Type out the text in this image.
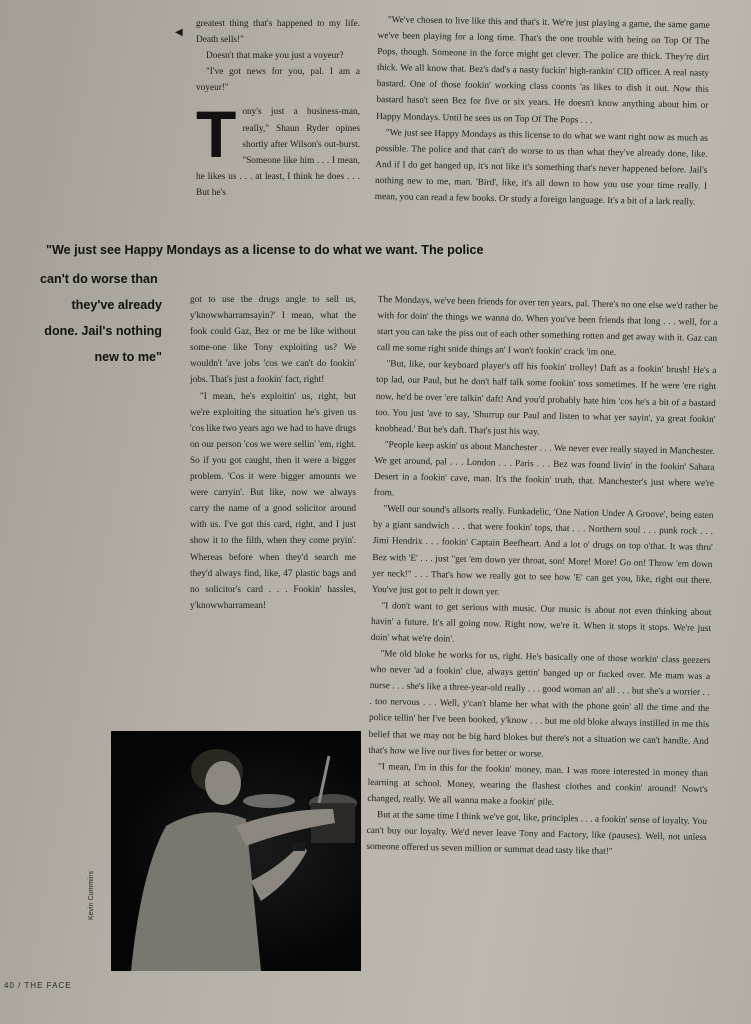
◀

greatest thing that's happened to my life. Death sells!"

Doesn't that make you just a voyeur?

"I've got news for you, pal. I am a voyeur!"

Tony's just a business-man, really," Shaun Ryder opines shortly after Wilson's out-burst. "Someone like him . . . I mean, he likes us . . . at least, I think he does . . . But he's

"We've chosen to live like this and that's it. We're just playing a game, the same game we've been playing for a long time. That's the one trouble with being on Top Of The Pops, though. Someone in the force might get clever. The police are thick. They're dirt thick. We all know that. Bez's dad's a nasty fuckin' high-rankin' CID officer. A real nasty bastard. One of those fookin' working class coonts 'as likes to dish it out. Now this bastard hasn't seen Bez for five or six years. He doesn't know anything about him or Happy Mondays. Until he sees us on Top Of The Pops . . .

"We just see Happy Mondays as this license to do what we want right now as much as possible. The police and that can't do worse to us than what they've already done, like. And if I do get banged up, it's not like it's something that's never happened before. Jail's nothing new to me, man. 'Bird', like, it's all down to how you use your time really. I mean, you can read a few books. Or study a foreign language. It's a bit of a lark really.

"We just see Happy Mondays as a license to do what we want. The police
can't do worse than
they've already
done. Jail's nothing
new to me"

got to use the drugs angle to sell us, y'knowwharramsayin?' I mean, what the fook could Gaz, Bez or me be like without some-one like Tony exploiting us? We wouldn't 'ave jobs 'cos we can't do fookin' jobs. That's just a fookin' fact, right!

"I mean, he's exploitin' us, right, but we're exploiting the situation he's given us 'cos like two years ago we had to have drugs on our person 'cos we were sellin' 'em, right. So if you got caught, then it were a bigger problem. 'Cos it were bigger amounts we were carryin'. But like, now we always carry the name of a good solicitor around with us. I've got this card, right, and I just show it to the filth, when they come pryin'. Whereas before when they'd search me they'd always find, like, 47 plastic bags and no solicitor's card . . . Fookin' hassles, y'knowwharramean!

The Mondays, we've been friends for over ten years, pal. There's no one else we'd rather be with for doin' the things we wanna do. When you've been friends that long . . . well, for a start you can take the piss out of each other something rotten and get away with it. Gaz can call me some right snide things an' I won't fookin' crack 'im one.

"But, like, our keyboard player's off his fookin' trolley! Daft as a fookin' brush! He's a top lad, our Paul, but he don't half talk some fookin' toss sometimes. If he were 'ere right now, he'd be over 'ere talkin' daft! And you'd probably hate him 'cos he's a bit of a bastard too. You just 'ave to say, 'Shurrup our Paul and listen to what yer sayin', ya great fookin' knobhead.' But he's daft. That's just his way.

"People keep askin' us about Manchester . . . We never ever really stayed in Manchester. We get around, pal . . . London . . . Paris . . . Bez was found livin' in the fookin' Sahara Desert in a fookin' cave, man. It's the fookin' truth, that. Manchester's just where we're from.

"Well our sound's allsorts really. Funkadelic, 'One Nation Under A Groove', being eaten by a giant sandwich . . . that were fookin' tops, that . . . Northern soul . . . punk rock . . . Jimi Hendrix . . . fookin' Captain Beefheart. And a lot o' drugs on top o'that. It was thru' Bez with 'E' . . . just "get 'em down yer throat, son! More! More! Go on! Throw 'em down yer neck!" . . . That's how we really got to see how 'E' can get you, like, right out there. You've just got to pelt it down yer.

"I don't want to get serious with music. Our music is about not even thinking about havin' a future. It's all going now. Right now, we're it. When it stops it stops. We're just doin' what we're doin'.

"Me old bloke he works for us, right. He's basically one of those workin' class geezers who never 'ad a fookin' clue, always gettin' banged up or fucked over. Me mam was a nurse . . . she's like a three-year-old really . . . good woman an' all . . . but she's a worrier . . . too nervous . . . Well, y'can't blame her what with the phone goin' all the time and the police tellin' her I've been booked, y'know . . . but me old bloke always instilled in me this belief that we may not be big hard blokes but there's not a situation we can't handle. And that's how we live our lives for better or worse.

"I mean, I'm in this for the fookin' money, man. I was more interested in money than learning at school. Money, wearing the flashest clothes and cookin' around! Nowt's changed, really. We all wanna make a fookin' pile.

But at the same time I think we've got, like, principles . . . a fookin' sense of loyalty. You can't buy our loyalty. We'd never leave Tony and Factory, like (pauses). Well, not unless someone offered us seven million or summat dead tasty like that!"

Kevin Cummins
40 / THE FACE
